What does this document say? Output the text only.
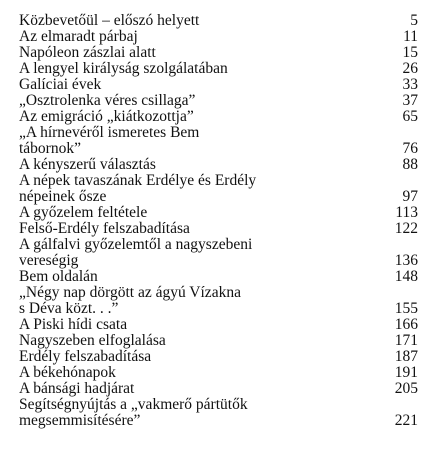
Közbevetőül – előszó helyett	5
Az elmaradt párbaj	11
Napóleon zászlai alatt	15
A lengyel királyság szolgálatában	26
Galíciai évek	33
„Osztrolenka véres csillaga”	37
Az emigráció „kiátkozottja”	65
„A hírnevéről ismeretes Bem
tábornok”	76
A kényszerű választás	88
A népek tavaszának Erdélye és Erdély
népeinek ősze	97
A győzelem feltétele	113
Felső-Erdély felszabadítása	122
A gálfalvi győzelemtől a nagyszebeni
vereségig	136
Bem oldalán	148
„Négy nap dörgött az ágyú Vízakna
s Déva közt. . .”	155
A Piski hídi csata	166
Nagyszeben elfoglalása	171
Erdély felszabadítása	187
A békehónapok	191
A bánsági hadjárat	205
Segítségnyújtás a „vakmerő pártütők
megsemmisítésére”	221
